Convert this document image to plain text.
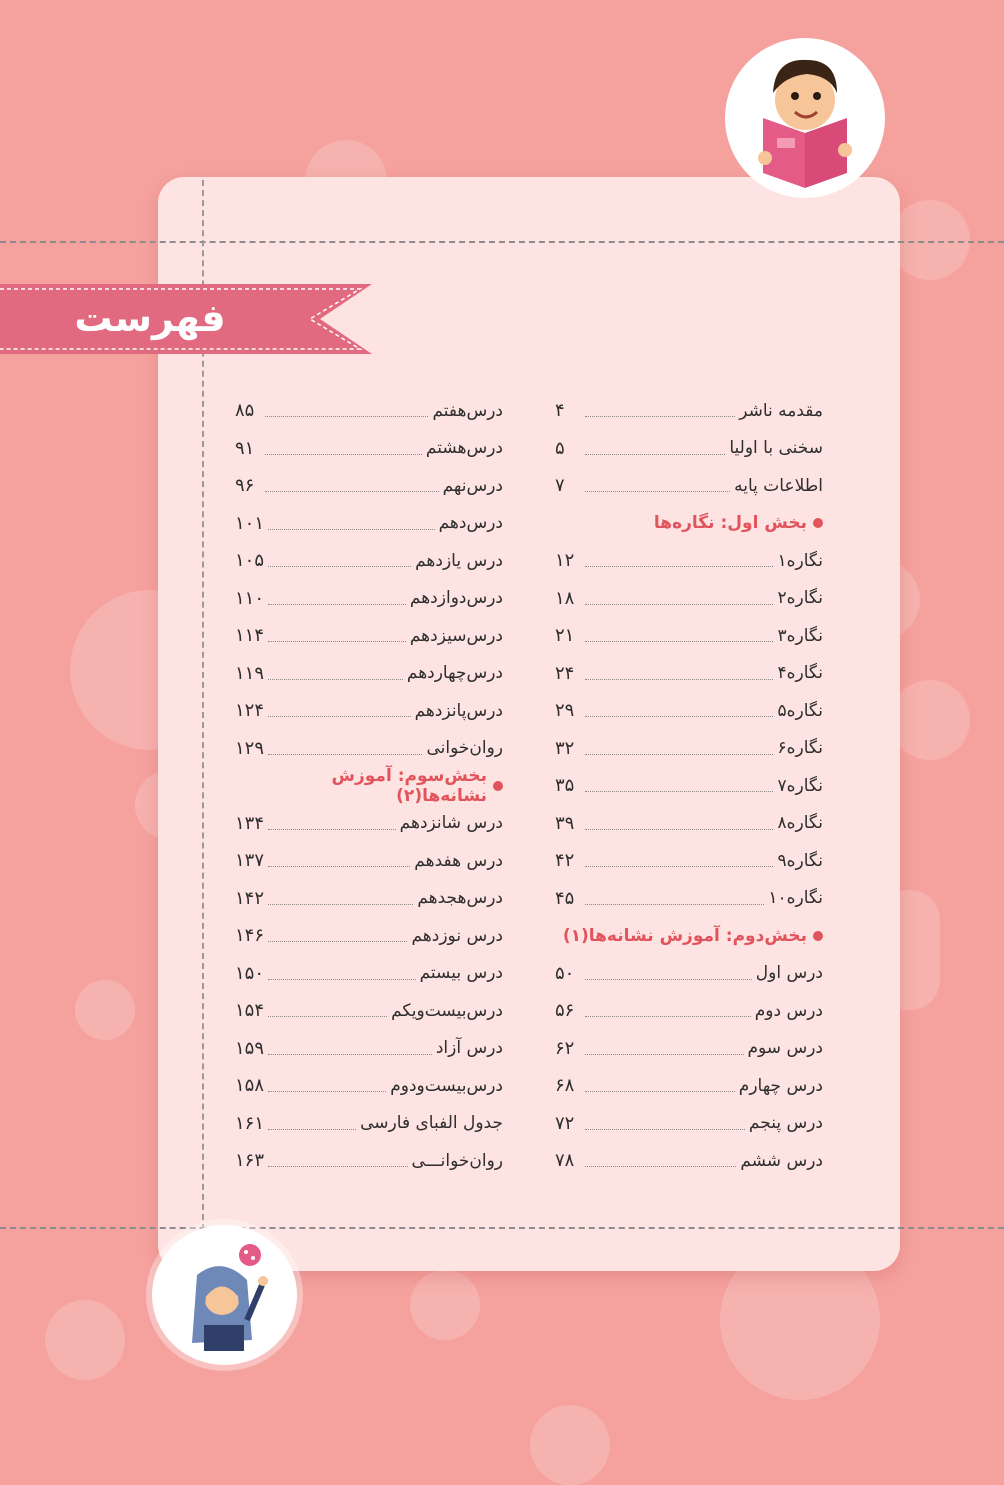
فهرست
مقدمه ناشر
۴
سخنی با اولیا
۵
اطلاعات پایه
۷
بخش اول: نگاره‌ها
نگاره۱
۱۲
نگاره۲
۱۸
نگاره۳
۲۱
نگاره۴
۲۴
نگاره۵
۲۹
نگاره۶
۳۲
نگاره۷
۳۵
نگاره۸
۳۹
نگاره۹
۴۲
نگاره۱۰
۴۵
بخش‌دوم: آموزش نشانه‌ها(۱)
درس اول
۵۰
درس دوم
۵۶
درس سوم
۶۲
درس چهارم
۶۸
درس پنجم
۷۲
درس ششم
۷۸
درس‌هفتم
۸۵
درس‌هشتم
۹۱
درس‌نهم
۹۶
درس‌دهم
۱۰۱
درس یازدهم
۱۰۵
درس‌دوازدهم
۱۱۰
درس‌سیزدهم
۱۱۴
درس‌چهاردهم
۱۱۹
درس‌پانزدهم
۱۲۴
روان‌خوانی
۱۲۹
بخش‌سوم: آموزش نشانه‌ها(۲)
درس شانزدهم
۱۳۴
درس هفدهم
۱۳۷
درس‌هجدهم
۱۴۲
درس نوزدهم
۱۴۶
درس بیستم
۱۵۰
درس‌بیست‌ویکم
۱۵۴
درس آزاد
۱۵۹
درس‌بیست‌ودوم
۱۵۸
جدول الفبای فارسی
۱۶۱
روان‌خوانـــی
۱۶۳
